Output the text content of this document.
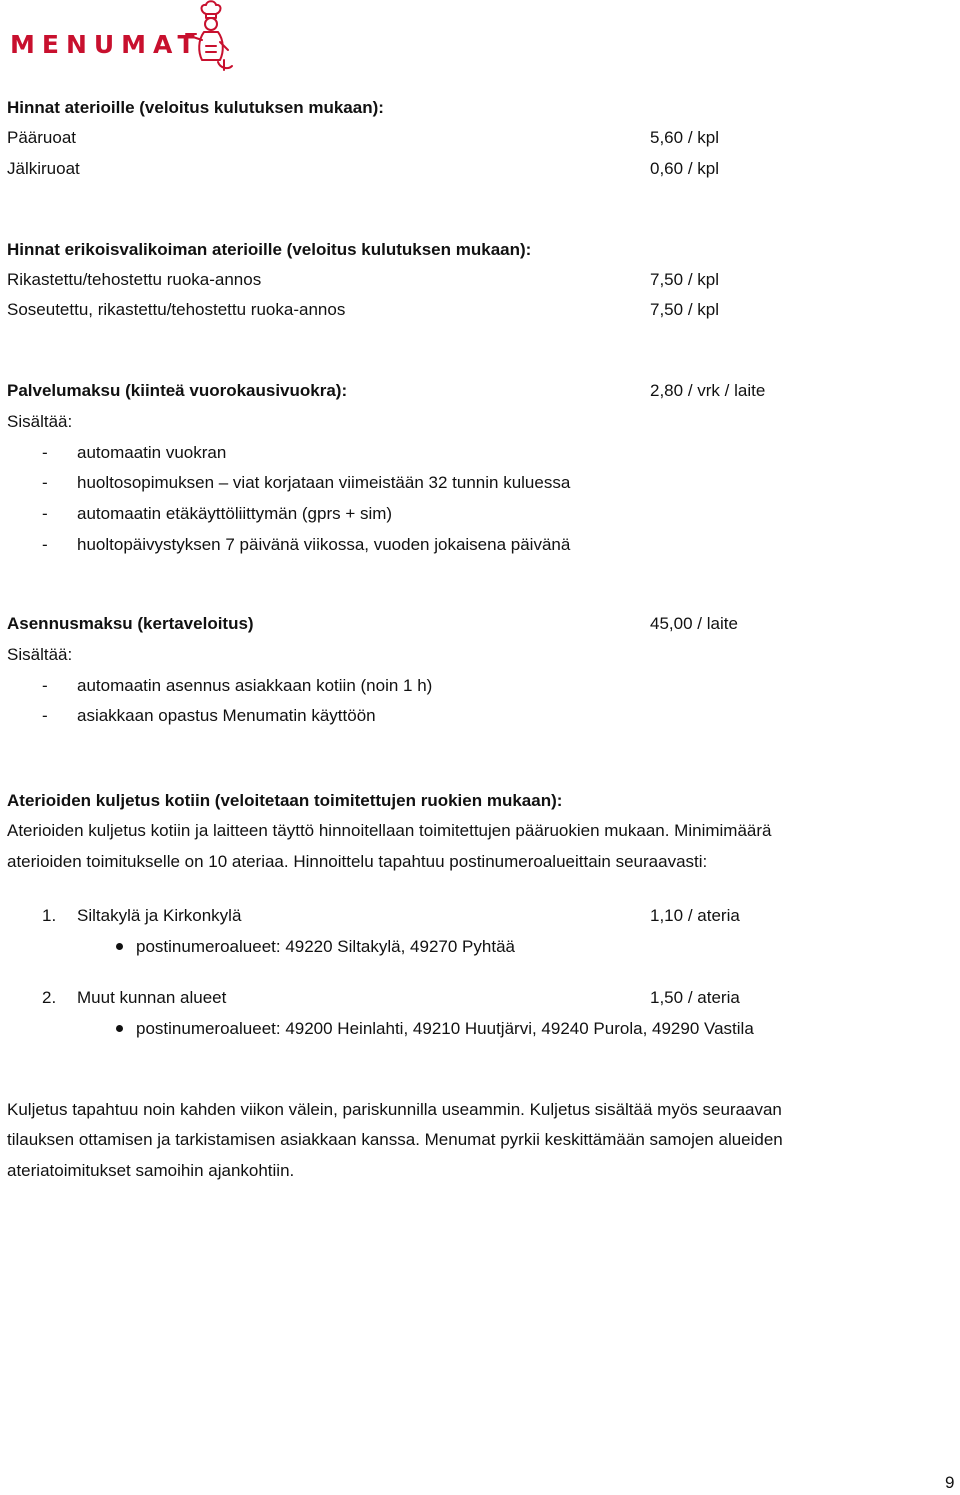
MENUMAT
Hinnat aterioille (veloitus kulutuksen mukaan):
Pääruoat	5,60 / kpl
Jälkiruoat	0,60 / kpl
Hinnat erikoisvalikoiman aterioille (veloitus kulutuksen mukaan):
Rikastettu/tehostettu ruoka-annos	7,50 / kpl
Soseutettu, rikastettu/tehostettu ruoka-annos	7,50 / kpl
Palvelumaksu (kiinteä vuorokausivuokra):	2,80 / vrk / laite
Sisältää:
- automaatin vuokran
- huoltosopimuksen – viat korjataan viimeistään 32 tunnin kuluessa
- automaatin etäkäyttöliittymän (gprs + sim)
- huoltopäivystyksen 7 päivänä viikossa, vuoden jokaisena päivänä
Asennusmaksu (kertaveloitus)	45,00 / laite
Sisältää:
- automaatin asennus asiakkaan kotiin (noin 1 h)
- asiakkaan opastus Menumatin käyttöön
Aterioiden kuljetus kotiin (veloitetaan toimitettujen ruokien mukaan):
Aterioiden kuljetus kotiin ja laitteen täyttö hinnoitellaan toimitettujen pääruokien mukaan. Minimimäärä
aterioiden toimitukselle on 10 ateriaa. Hinnoittelu tapahtuu postinumeroalueittain seuraavasti:
1. Siltakylä ja Kirkonkylä	1,10 / ateria
postinumeroalueet: 49220 Siltakylä, 49270 Pyhtää
2. Muut kunnan alueet	1,50 / ateria
postinumeroalueet: 49200 Heinlahti, 49210 Huutjärvi, 49240 Purola, 49290 Vastila
Kuljetus tapahtuu noin kahden viikon välein, pariskunnilla useammin. Kuljetus sisältää myös seuraavan
tilauksen ottamisen ja tarkistamisen asiakkaan kanssa. Menumat pyrkii keskittämään samojen alueiden
ateriatoimitukset samoihin ajankohtiin.
9
